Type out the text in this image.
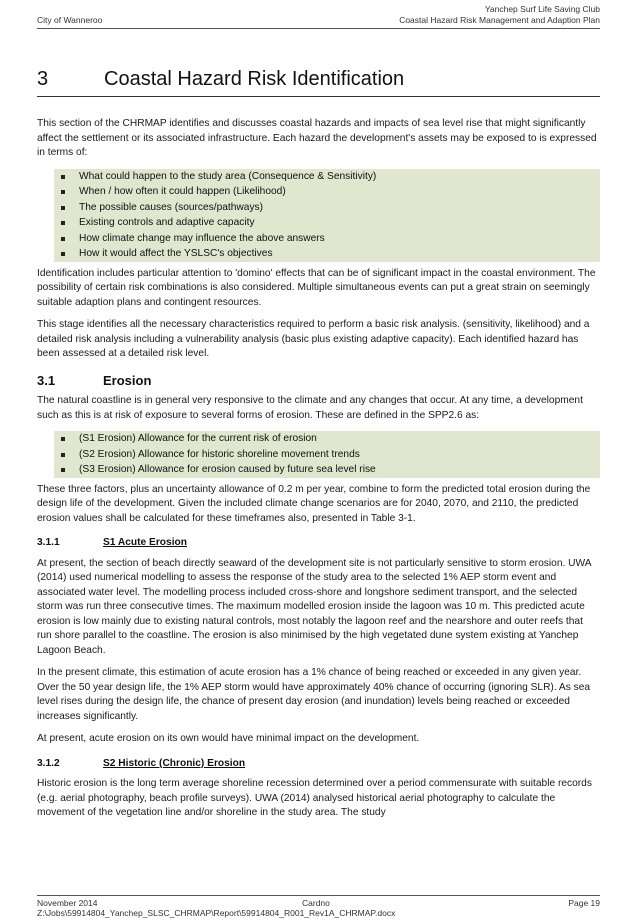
City of Wanneroo
Yanchep Surf Life Saving Club
Coastal Hazard Risk Management and Adaption Plan
3	Coastal Hazard Risk Identification

This section of the CHRMAP identifies and discusses coastal hazards and impacts of sea level rise that might significantly affect the settlement or its associated infrastructure. Each hazard the development's assets may be exposed to is expressed in terms of:

What could happen to the study area (Consequence & Sensitivity)
When / how often it could happen (Likelihood)
The possible causes (sources/pathways)
Existing controls and adaptive capacity
How climate change may influence the above answers
How it would affect the YSLSC's objectives

Identification includes particular attention to 'domino' effects that can be of significant impact in the coastal environment. The possibility of certain risk combinations is also considered. Multiple simultaneous events can put a great strain on seemingly suitable adaption plans and contingent resources.

This stage identifies all the necessary characteristics required to perform a basic risk analysis. (sensitivity, likelihood) and a detailed risk analysis including a vulnerability analysis (basic plus existing adaptive capacity). Each identified hazard has been assessed at a detailed risk level.

3.1	Erosion

The natural coastline is in general very responsive to the climate and any changes that occur. At any time, a development such as this is at risk of exposure to several forms of erosion. These are defined in the SPP2.6 as:

(S1 Erosion) Allowance for the current risk of erosion
(S2 Erosion) Allowance for historic shoreline movement trends
(S3 Erosion) Allowance for erosion caused by future sea level rise

These three factors, plus an uncertainty allowance of 0.2 m per year, combine to form the predicted total erosion during the design life of the development. Given the included climate change scenarios are for 2040, 2070, and 2110, the predicted erosion values shall be calculated for these timeframes also, presented in Table 3-1.

3.1.1	S1 Acute Erosion

At present, the section of beach directly seaward of the development site is not particularly sensitive to storm erosion. UWA (2014) used numerical modelling to assess the response of the study area to the selected 1% AEP storm event and associated water level. The modelling process included cross-shore and longshore sediment transport, and the selected storm was run three consecutive times. The maximum modelled erosion inside the lagoon was 10 m. This predicted acute erosion is low mainly due to existing natural controls, most notably the lagoon reef and the nearshore and outer reefs that run shore parallel to the coastline. The erosion is also minimised by the high vegetated dune system existing at Yanchep Lagoon Beach.

In the present climate, this estimation of acute erosion has a 1% chance of being reached or exceeded in any given year. Over the 50 year design life, the 1% AEP storm would have approximately 40% chance of occurring (ignoring SLR). As sea level rises during the design life, the chance of present day erosion (and inundation) levels being reached or exceeded increases significantly.

At present, acute erosion on its own would have minimal impact on the development.

3.1.2	S2 Historic (Chronic) Erosion

Historic erosion is the long term average shoreline recession determined over a period commensurate with suitable records (e.g. aerial photography, beach profile surveys). UWA (2014) analysed historical aerial photography to calculate the movement of the vegetation line and/or shoreline in the study area. The study

November 2014	Cardno	Page 19
Z:\Jobs\59914804_Yanchep_SLSC_CHRMAP\Report\59914804_R001_Rev1A_CHRMAP.docx
